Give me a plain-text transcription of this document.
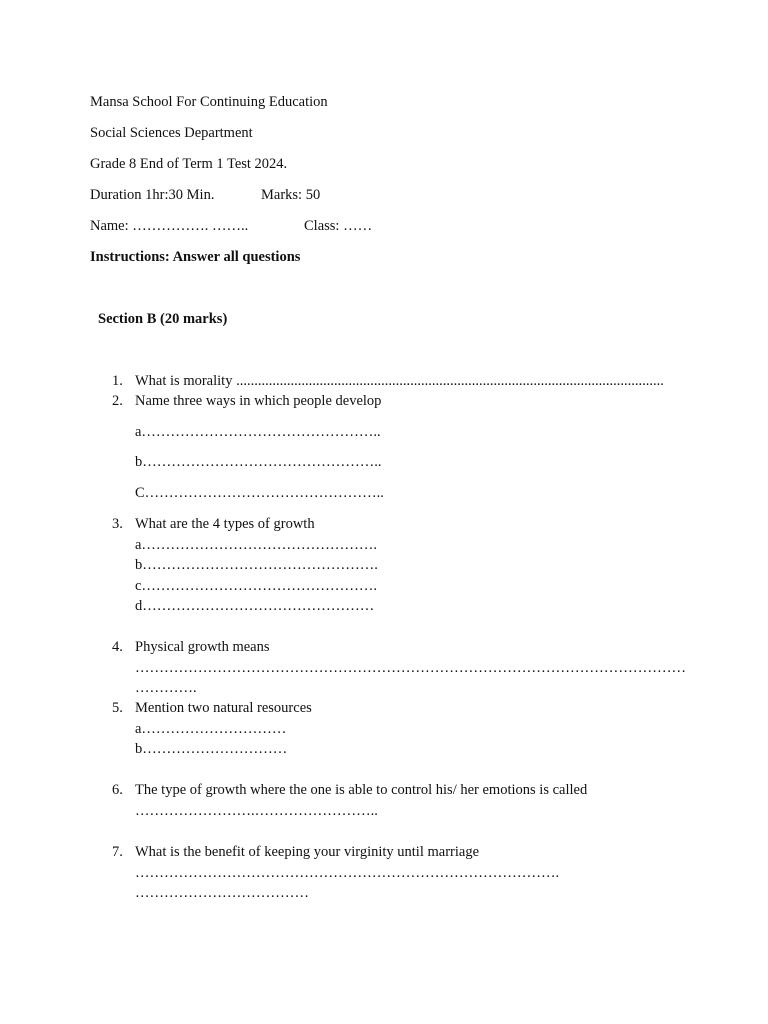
Mansa School For Continuing Education
Social Sciences Department
Grade 8 End of Term 1 Test 2024.
Duration 1hr:30 Min.	Marks: 50
Name: ……………. ……..	Class: ……
Instructions: Answer all questions
Section B (20 marks)
1. What is morality ......................................................................................................................
2. Name three ways in which people develop
a…………………………………………..
b…………………………………………..
C…………………………………………..
3. What are the 4 types of growth
a………………………………………….
b………………………………………….
c………………………………………….
d…………………………………………
4. Physical growth means
……………………………………………………………………………………………………
………….
5. Mention two natural resources
a…………………………
b…………………………
6. The type of growth where the one is able to control his/ her emotions is called
…………………….……………………..
7. What is the benefit of keeping your virginity until marriage
…………………………………………………………………………….
………………………………
